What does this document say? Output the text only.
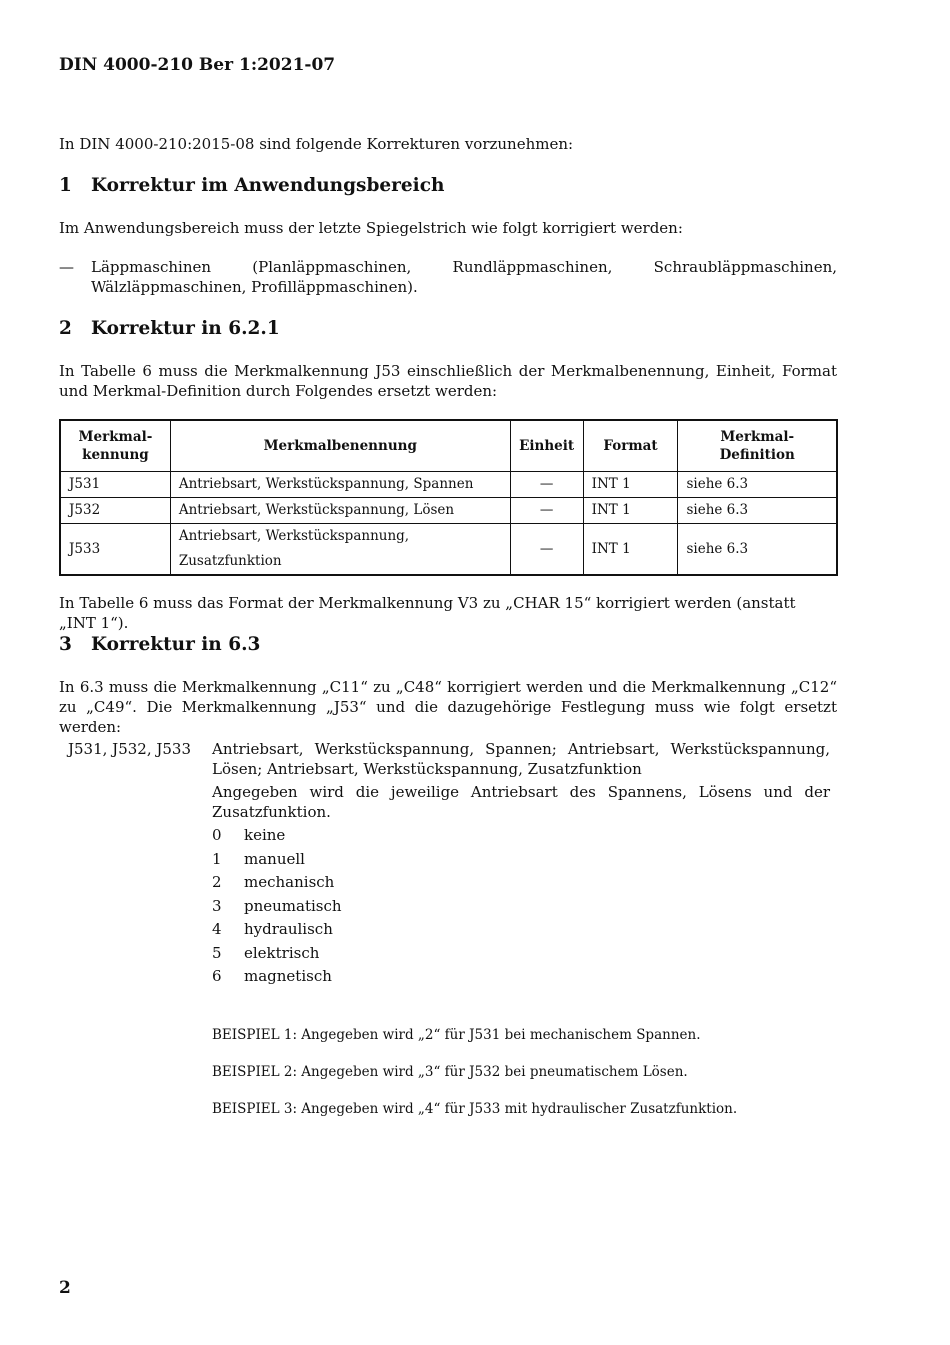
DIN 4000-210 Ber 1:2021-07
In DIN 4000-210:2015-08 sind folgende Korrekturen vorzunehmen:
1 Korrektur im Anwendungsbereich
Im Anwendungsbereich muss der letzte Spiegelstrich wie folgt korrigiert werden:
— Läppmaschinen (Planläppmaschinen, Rundläppmaschinen, Schraubläppmaschinen,
Wälzläppmaschinen, Profilläppmaschinen).
2 Korrektur in 6.2.1
In Tabelle 6 muss die Merkmalkennung J53 einschließlich der Merkmalbenennung, Einheit, Format und Merkmal-Definition durch Folgendes ersetzt werden:
Merkmal-
kennung	Merkmalbenennung	Einheit	Format	Merkmal-Definition
J531	Antriebsart, Werkstückspannung, Spannen	—	INT 1	siehe 6.3
J532	Antriebsart, Werkstückspannung, Lösen	—	INT 1	siehe 6.3
J533	Antriebsart, Werkstückspannung, Zusatzfunktion	—	INT 1	siehe 6.3
In Tabelle 6 muss das Format der Merkmalkennung V3 zu „CHAR 15“ korrigiert werden (anstatt „INT 1“).
3 Korrektur in 6.3
In 6.3 muss die Merkmalkennung „C11“ zu „C48“ korrigiert werden und die Merkmalkennung „C12“ zu „C49“. Die Merkmalkennung „J53“ und die dazugehörige Festlegung muss wie folgt ersetzt werden:
J531, J532, J533 Antriebsart, Werkstückspannung, Spannen; Antriebsart, Werkstückspannung, Lösen; Antriebsart, Werkstückspannung, Zusatzfunktion
Angegeben wird die jeweilige Antriebsart des Spannens, Lösens und der Zusatzfunktion.
0 keine
1 manuell
2 mechanisch
3 pneumatisch
4 hydraulisch
5 elektrisch
6 magnetisch
BEISPIEL 1: Angegeben wird „2“ für J531 bei mechanischem Spannen.
BEISPIEL 2: Angegeben wird „3“ für J532 bei pneumatischem Lösen.
BEISPIEL 3: Angegeben wird „4“ für J533 mit hydraulischer Zusatzfunktion.
2
